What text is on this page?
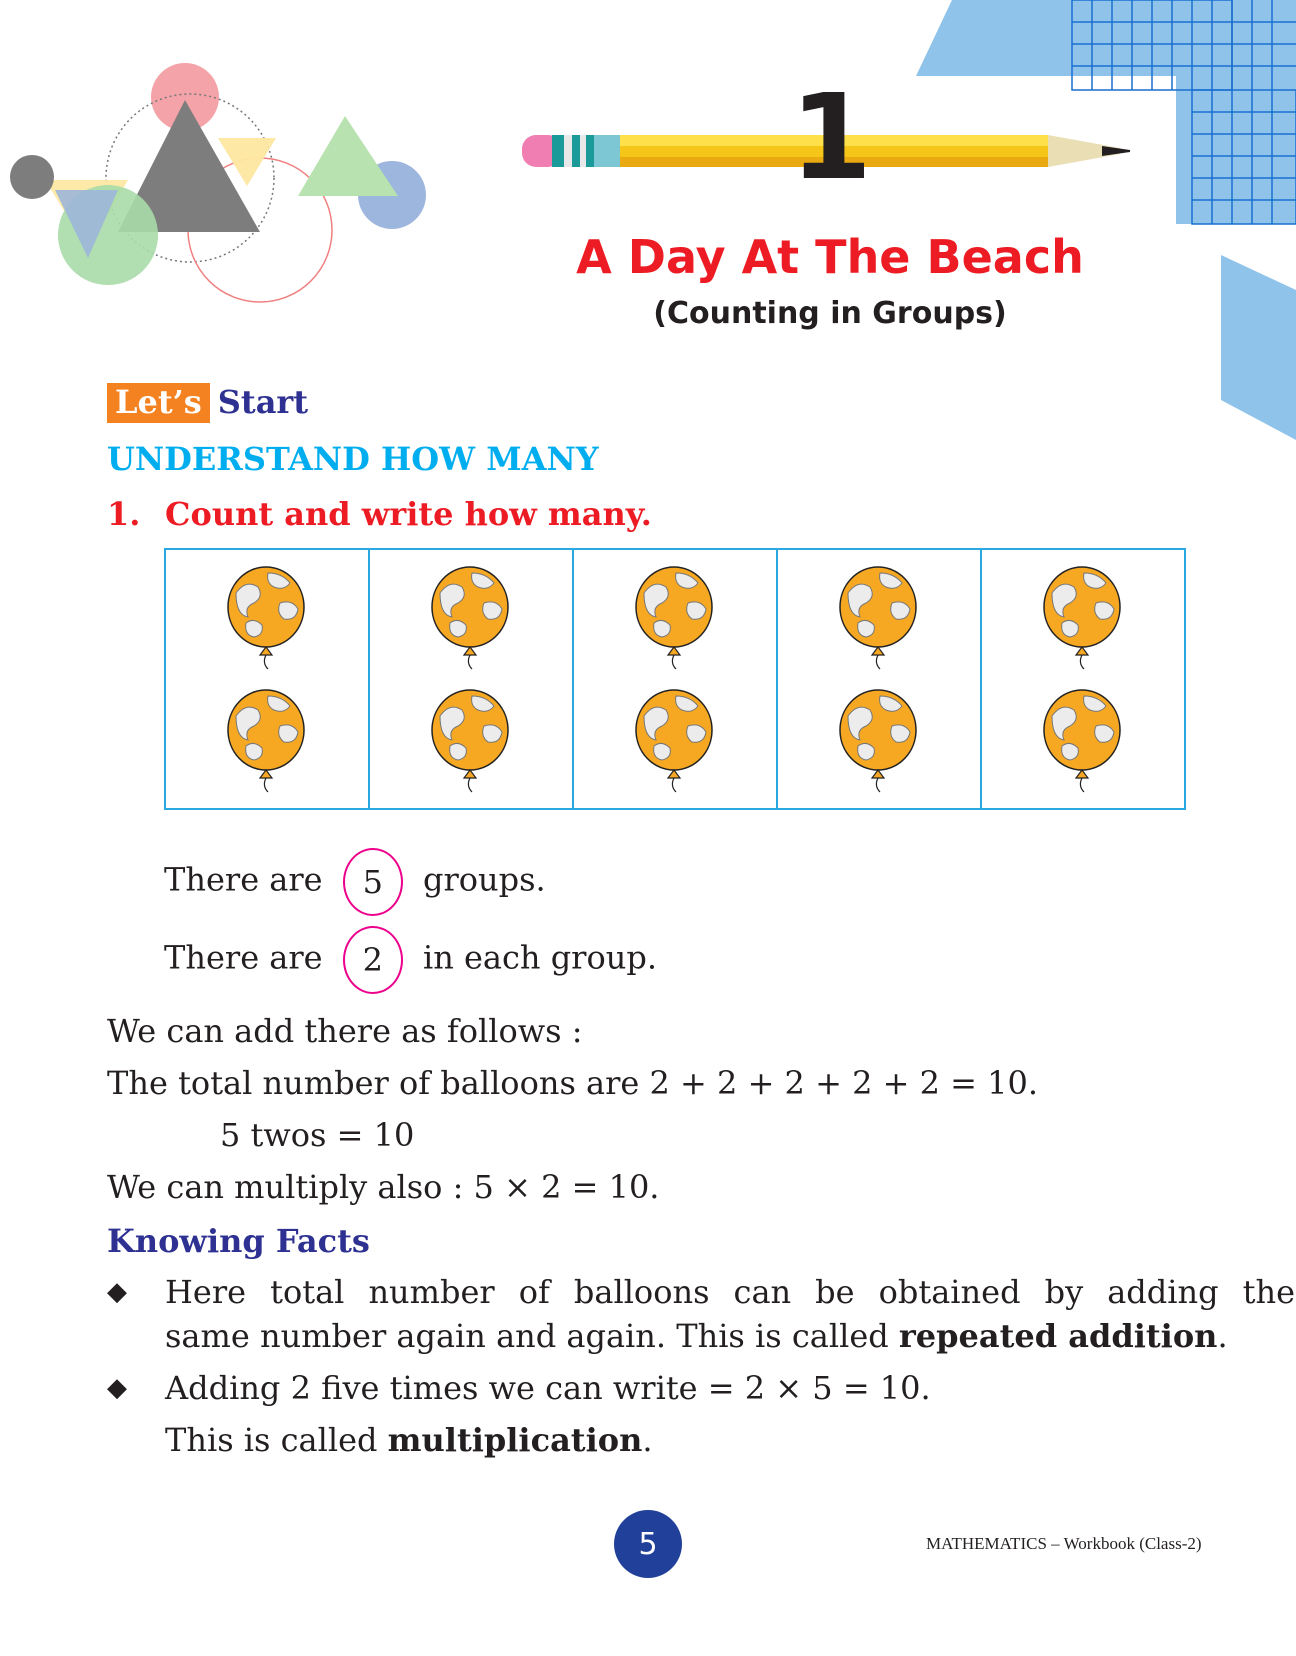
1
A Day At The Beach
(Counting in Groups)
Let’s Start
UNDERSTAND HOW MANY
1. Count and write how many.
There are 5 groups.
There are 2 in each group.
We can add there as follows :
The total number of balloons are 2 + 2 + 2 + 2 + 2 = 10.
5 twos = 10
We can multiply also : 5 × 2 = 10.
Knowing Facts
◆ Here total number of balloons can be obtained by adding the
same number again and again. This is called repeated addition.
◆ Adding 2 five times we can write = 2 × 5 = 10.
This is called multiplication.
5	MATHEMATICS – Workbook (Class-2)
